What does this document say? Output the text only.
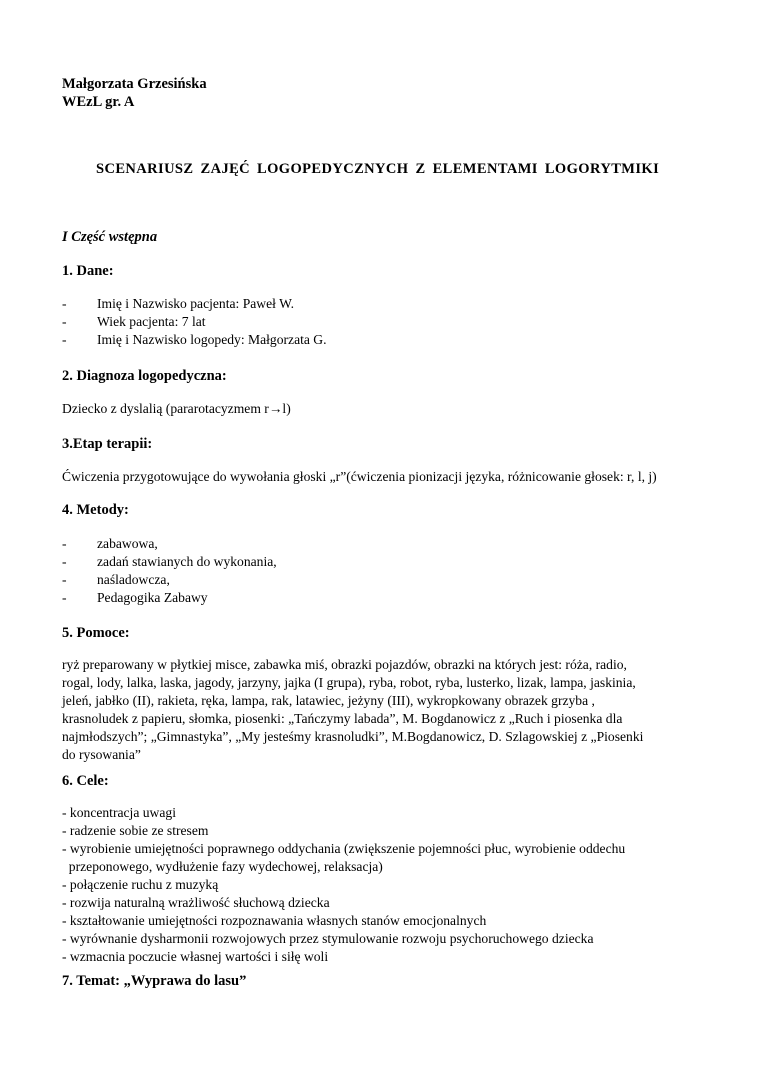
Małgorzata Grzesińska
WEzL gr. A
SCENARIUSZ ZAJĘĆ LOGOPEDYCZNYCH Z ELEMENTAMI LOGORYTMIKI
I Część wstępna
1. Dane:
- Imię i Nazwisko pacjenta: Paweł W.
- Wiek pacjenta: 7 lat
- Imię i Nazwisko logopedy: Małgorzata G.
2. Diagnoza logopedyczna:
Dziecko z dyslalią (pararotacyzmem r→l)
3.Etap terapii:
Ćwiczenia przygotowujące do wywołania głoski „r”(ćwiczenia pionizacji języka, różnicowanie głosek: r, l, j)
4. Metody:
- zabawowa,
- zadań stawianych do wykonania,
- naśladowcza,
- Pedagogika Zabawy
5. Pomoce:
ryż preparowany w płytkiej misce, zabawka miś, obrazki pojazdów, obrazki na których jest: róża, radio,
rogal, lody, lalka, laska, jagody, jarzyny, jajka (I grupa), ryba, robot, ryba, lusterko, lizak, lampa, jaskinia,
jeleń, jabłko (II), rakieta, ręka, lampa, rak, latawiec, jeżyny (III), wykropkowany obrazek grzyba ,
krasnoludek z papieru, słomka, piosenki: „Tańczymy labada”, M. Bogdanowicz z „Ruch i piosenka dla
najmłodszych”; „Gimnastyka”, „My jesteśmy krasnoludki”, M.Bogdanowicz, D. Szlagowskiej z „Piosenki
do rysowania”
6. Cele:
- koncentracja uwagi
- radzenie sobie ze stresem
- wyrobienie umiejętności poprawnego oddychania (zwiększenie pojemności płuc, wyrobienie oddechu
przeponowego, wydłużenie fazy wydechowej, relaksacja)
- połączenie ruchu z muzyką
- rozwija naturalną wrażliwość słuchową dziecka
- kształtowanie umiejętności rozpoznawania własnych stanów emocjonalnych
- wyrównanie dysharmonii rozwojowych przez stymulowanie rozwoju psychoruchowego dziecka
- wzmacnia poczucie własnej wartości i siłę woli
7. Temat: „Wyprawa do lasu”
